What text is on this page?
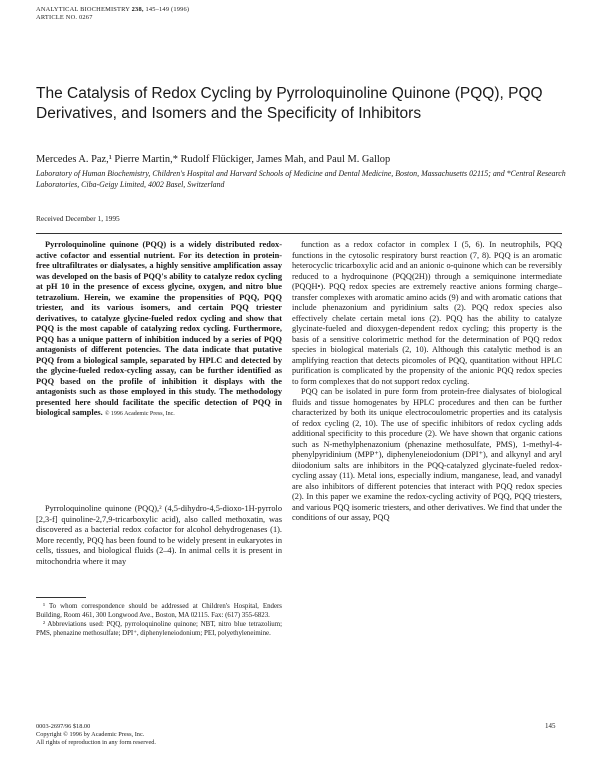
ANALYTICAL BIOCHEMISTRY 238, 145–149 (1996)
ARTICLE NO. 0267
The Catalysis of Redox Cycling by Pyrroloquinoline Quinone (PQQ), PQQ Derivatives, and Isomers and the Specificity of Inhibitors
Mercedes A. Paz,¹ Pierre Martin,* Rudolf Flückiger, James Mah, and Paul M. Gallop
Laboratory of Human Biochemistry, Children's Hospital and Harvard Schools of Medicine and Dental Medicine, Boston, Massachusetts 02115; and *Central Research Laboratories, Ciba-Geigy Limited, 4002 Basel, Switzerland
Received December 1, 1995

Pyrroloquinoline quinone (PQQ) is a widely distributed redox-active cofactor and essential nutrient. For its detection in protein-free ultrafiltrates or dialysates, a highly sensitive amplification assay was developed on the basis of PQQ's ability to catalyze redox cycling at pH 10 in the presence of excess glycine, oxygen, and nitro blue tetrazolium. Herein, we examine the propensities of PQQ, PQQ triester, and its various isomers, and certain PQQ triester derivatives, to catalyze glycine-fueled redox cycling and show that PQQ is the most capable of catalyzing redox cycling. Furthermore, PQQ has a unique pattern of inhibition induced by a series of PQQ antagonists of different potencies. The data indicate that putative PQQ from a biological sample, separated by HPLC and detected by the glycine-fueled redox-cycling assay, can be further identified as PQQ based on the profile of inhibition it displays with the antagonists such as those employed in this study. The methodology presented here should facilitate the specific detection of PQQ in biological samples. © 1996 Academic Press, Inc.

Pyrroloquinoline quinone (PQQ),² (4,5-dihydro-4,5-dioxo-1H-pyrrolo [2,3-f] quinoline-2,7,9-tricarboxylic acid), also called methoxatin, was discovered as a bacterial redox cofactor for alcohol dehydrogenases (1). More recently, PQQ has been found to be widely present in eukaryotes in cells, tissues, and biological fluids (2–4). In animal cells it is present in mitochondria where it may

¹ To whom correspondence should be addressed at Children's Hospital, Enders Building, Room 461, 300 Longwood Ave., Boston, MA 02115. Fax: (617) 355-6823.

² Abbreviations used: PQQ, pyrroloquinoline quinone; NBT, nitro blue tetrazolium; PMS, phenazine methosulfate; DPI⁺, diphenyleneiodonium; PEI, polyethyleneimine.

function as a redox cofactor in complex I (5, 6). In neutrophils, PQQ functions in the cytosolic respiratory burst reaction (7, 8). PQQ is an aromatic heterocyclic tricarboxylic acid and an anionic o-quinone which can be reversibly reduced to a hydroquinone (PQQ(2H)) through a semiquinone intermediate (PQQH•). PQQ redox species are extremely reactive anions forming charge–transfer complexes with aromatic amino acids (9) and with aromatic cations that include phenazonium and pyridinium salts (2). PQQ redox species also effectively chelate certain metal ions (2). PQQ has the ability to catalyze glycinate-fueled and dioxygen-dependent redox cycling; this property is the basis of a sensitive colorimetric method for the determination of PQQ redox species in biological materials (2, 10). Although this catalytic method is an amplifying reaction that detects picomoles of PQQ, quantitation without HPLC purification is complicated by the propensity of the anionic PQQ redox species to form complexes that do not support redox cycling.

PQQ can be isolated in pure form from protein-free dialysates of biological fluids and tissue homogenates by HPLC procedures and then can be further characterized by both its unique electrocoulometric properties and its catalysis of redox cycling (2, 10). The use of specific inhibitors of redox cycling adds additional specificity to this procedure (2). We have shown that organic cations such as N-methylphenazonium (phenazine methosulfate, PMS), 1-methyl-4-phenylpyridinium (MPP⁺), diphenyleneiodonium (DPI⁺), and alkynyl and aryl diiodonium salts are inhibitors in the PQQ-catalyzed glycinate-fueled redox-cycling assay (11). Metal ions, especially indium, manganese, lead, and vanadyl are also inhibitors of different potencies that interact with PQQ redox species (2). In this paper we examine the redox-cycling activity of PQQ, PQQ triesters, and various PQQ isomeric triesters, and other derivatives. We find that under the conditions of our assay, PQQ

0003-2697/96 $18.00
Copyright © 1996 by Academic Press, Inc.
All rights of reproduction in any form reserved.
145
